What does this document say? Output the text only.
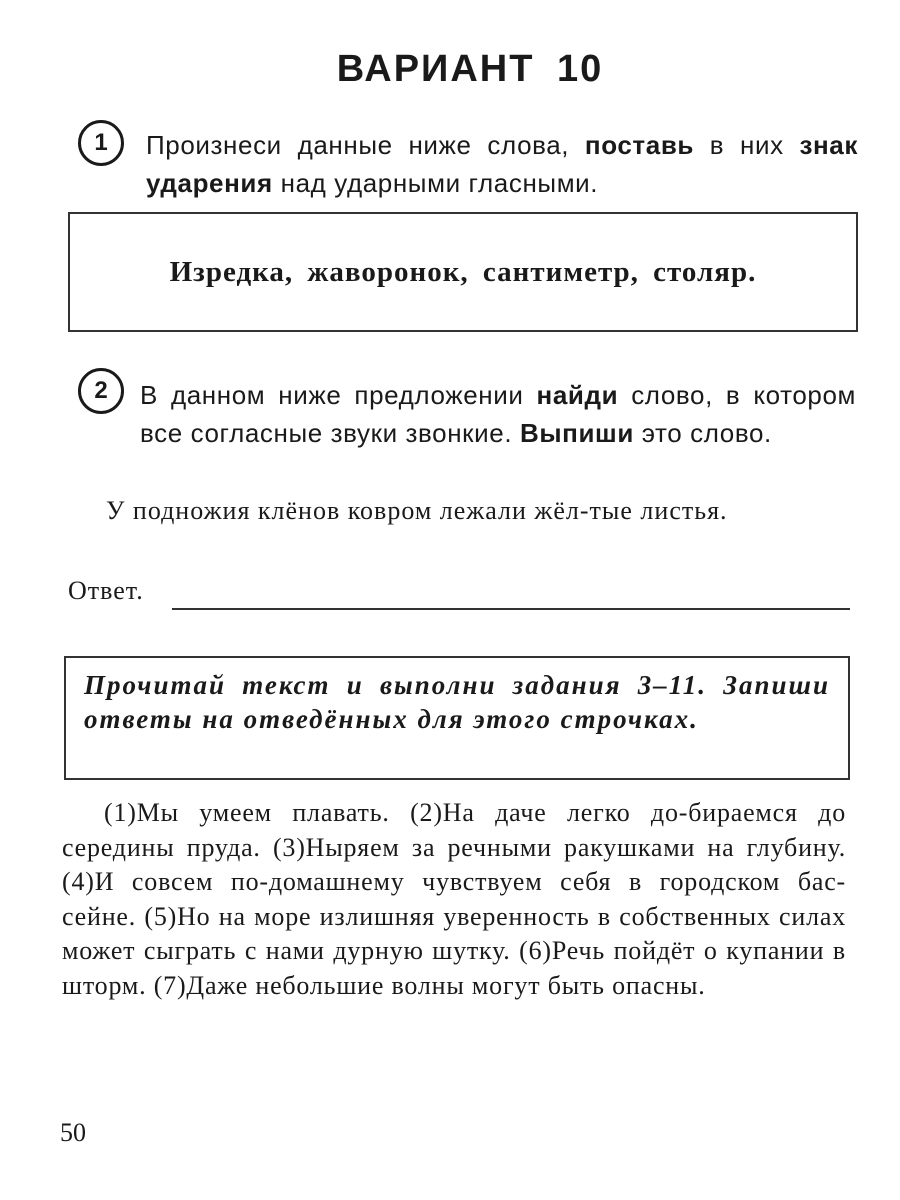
ВАРИАНТ 10
1	Произнеси данные ниже слова, поставь в них знак ударения над ударными гласными.
Изредка, жаворонок, сантиметр, столяр.
2	В данном ниже предложении найди слово, в котором все согласные звуки звонкие. Выпиши это слово.
У подножия клёнов ковром лежали жёл-тые листья.
Ответ.
Прочитай текст и выполни задания 3–11. Запиши ответы на отведённых для этого строчках.
(1)Мы умеем плавать. (2)На даче легко до-бираемся до середины пруда. (3)Ныряем за речными ракушками на глубину. (4)И совсем по-домашнему чувствуем себя в городском бас-сейне. (5)Но на море излишняя уверенность в собственных силах может сыграть с нами дурную шутку. (6)Речь пойдёт о купании в шторм. (7)Даже небольшие волны могут быть опасны.
50
